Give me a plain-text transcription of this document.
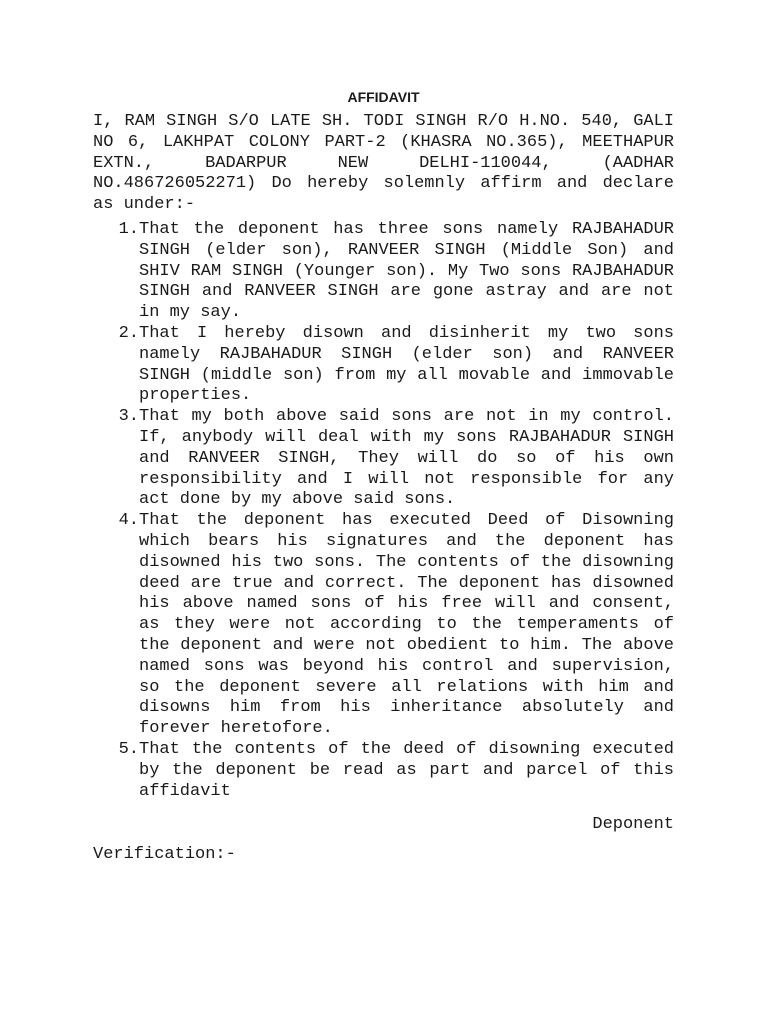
AFFIDAVIT

I, RAM SINGH S/O LATE SH. TODI SINGH R/O H.NO. 540, GALI NO 6, LAKHPAT COLONY PART-2 (KHASRA NO.365), MEETHAPUR EXTN., BADARPUR NEW DELHI-110044, (AADHAR NO.486726052271) Do hereby solemnly affirm and declare as under:-

1. That the deponent has three sons namely RAJBAHADUR SINGH (elder son), RANVEER SINGH (Middle Son) and SHIV RAM SINGH (Younger son). My Two sons RAJBAHADUR SINGH and RANVEER SINGH are gone astray and are not in my say.

2. That I hereby disown and disinherit my two sons namely RAJBAHADUR SINGH (elder son) and RANVEER SINGH (middle son) from my all movable and immovable properties.

3. That my both above said sons are not in my control. If, anybody will deal with my sons RAJBAHADUR SINGH and RANVEER SINGH, They will do so of his own responsibility and I will not responsible for any act done by my above said sons.

4. That the deponent has executed Deed of Disowning which bears his signatures and the deponent has disowned his two sons. The contents of the disowning deed are true and correct. The deponent has disowned his above named sons of his free will and consent, as they were not according to the temperaments of the deponent and were not obedient to him. The above named sons was beyond his control and supervision, so the deponent severe all relations with him and disowns him from his inheritance absolutely and forever heretofore.

5. That the contents of the deed of disowning executed by the deponent be read as part and parcel of this affidavit

Deponent
Verification:-
